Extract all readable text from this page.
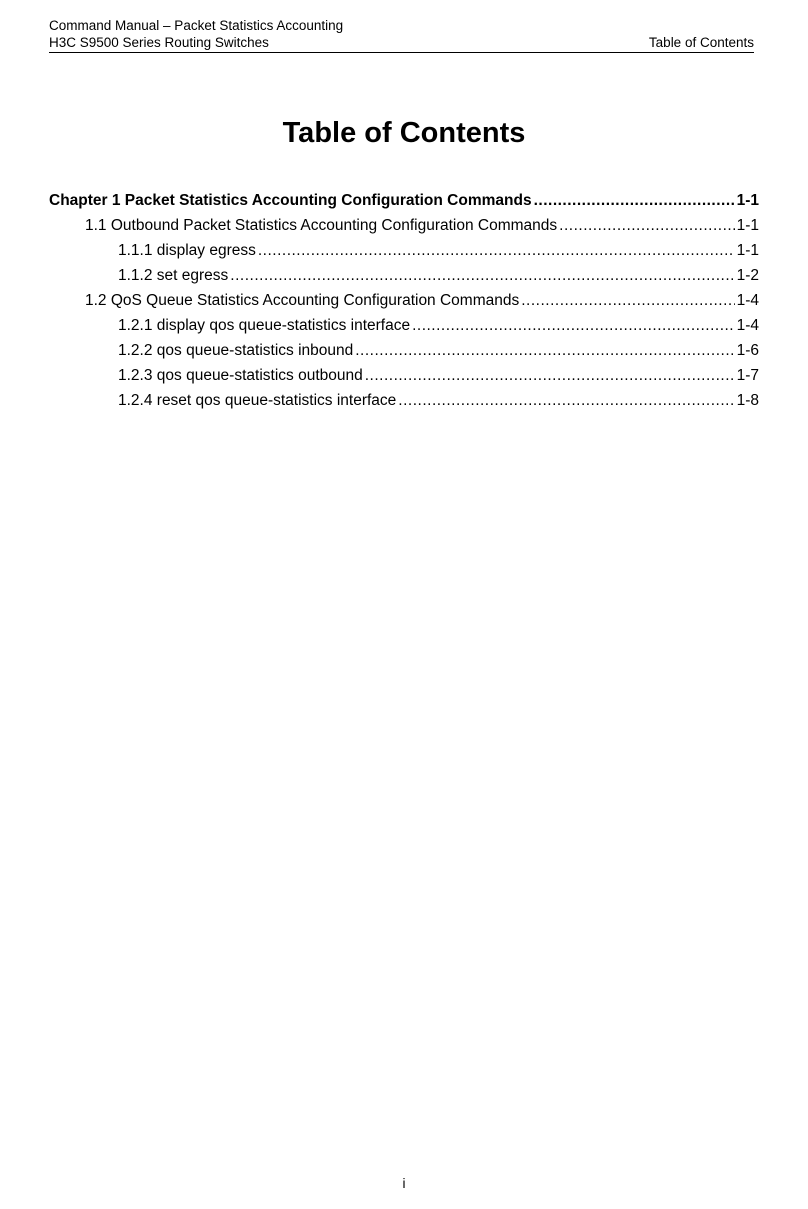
Command Manual – Packet Statistics Accounting
H3C S9500 Series Routing Switches	Table of Contents
Table of Contents
Chapter 1 Packet Statistics Accounting Configuration Commands .....	1-1
1.1 Outbound Packet Statistics Accounting Configuration Commands .....	1-1
1.1.1 display egress .....	1-1
1.1.2 set egress .....	1-2
1.2 QoS Queue Statistics Accounting Configuration Commands .....	1-4
1.2.1 display qos queue-statistics interface .....	1-4
1.2.2 qos queue-statistics inbound .....	1-6
1.2.3 qos queue-statistics outbound .....	1-7
1.2.4 reset qos queue-statistics interface .....	1-8
i
